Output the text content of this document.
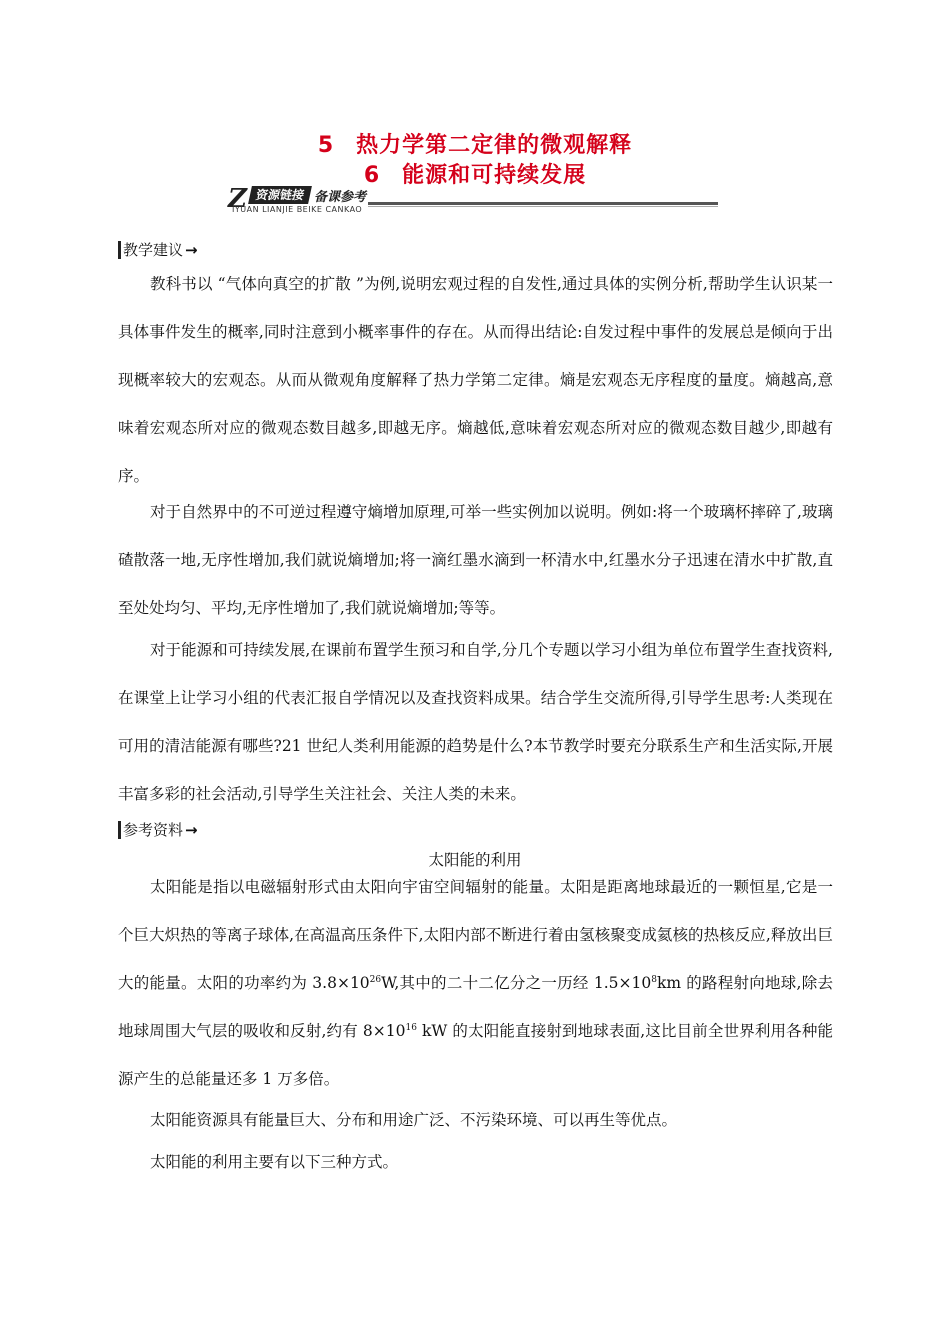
5 热力学第二定律的微观解释
6 能源和可持续发展
Z 资源链接 备课参考
IYUAN LIANJIE BEIKE CANKAO
教学建议 →

教科书以 “气体向真空的扩散 ”为例,说明宏观过程的自发性,通过具体的实例分析,帮助学生认识某一具体事件发生的概率,同时注意到小概率事件的存在。从而得出结论:自发过程中事件的发展总是倾向于出现概率较大的宏观态。从而从微观角度解释了热力学第二定律。熵是宏观态无序程度的量度。熵越高,意味着宏观态所对应的微观态数目越多,即越无序。熵越低,意味着宏观态所对应的微观态数目越少,即越有序。

对于自然界中的不可逆过程遵守熵增加原理,可举一些实例加以说明。例如:将一个玻璃杯摔碎了,玻璃碴散落一地,无序性增加,我们就说熵增加;将一滴红墨水滴到一杯清水中,红墨水分子迅速在清水中扩散,直至处处均匀、平均,无序性增加了,我们就说熵增加;等等。

对于能源和可持续发展,在课前布置学生预习和自学,分几个专题以学习小组为单位布置学生查找资料,在课堂上让学习小组的代表汇报自学情况以及查找资料成果。结合学生交流所得,引导学生思考:人类现在可用的清洁能源有哪些?21 世纪人类利用能源的趋势是什么?本节教学时要充分联系生产和生活实际,开展丰富多彩的社会活动,引导学生关注社会、关注人类的未来。

参考资料 →
太阳能的利用

太阳能是指以电磁辐射形式由太阳向宇宙空间辐射的能量。太阳是距离地球最近的一颗恒星,它是一个巨大炽热的等离子球体,在高温高压条件下,太阳内部不断进行着由氢核聚变成氦核的热核反应,释放出巨大的能量。太阳的功率约为 $3.8\times 10^{26}W$,其中的二十二亿分之一历经 $1.5\times 10^8km$ 的路程射向地球,除去地球周围大气层的吸收和反射,约有 $8\times 10^{16}$ kW 的太阳能直接射到地球表面,这比目前全世界利用各种能源产生的总能量还多 1 万多倍。

太阳能资源具有能量巨大、分布和用途广泛、不污染环境、可以再生等优点。

太阳能的利用主要有以下三种方式。
